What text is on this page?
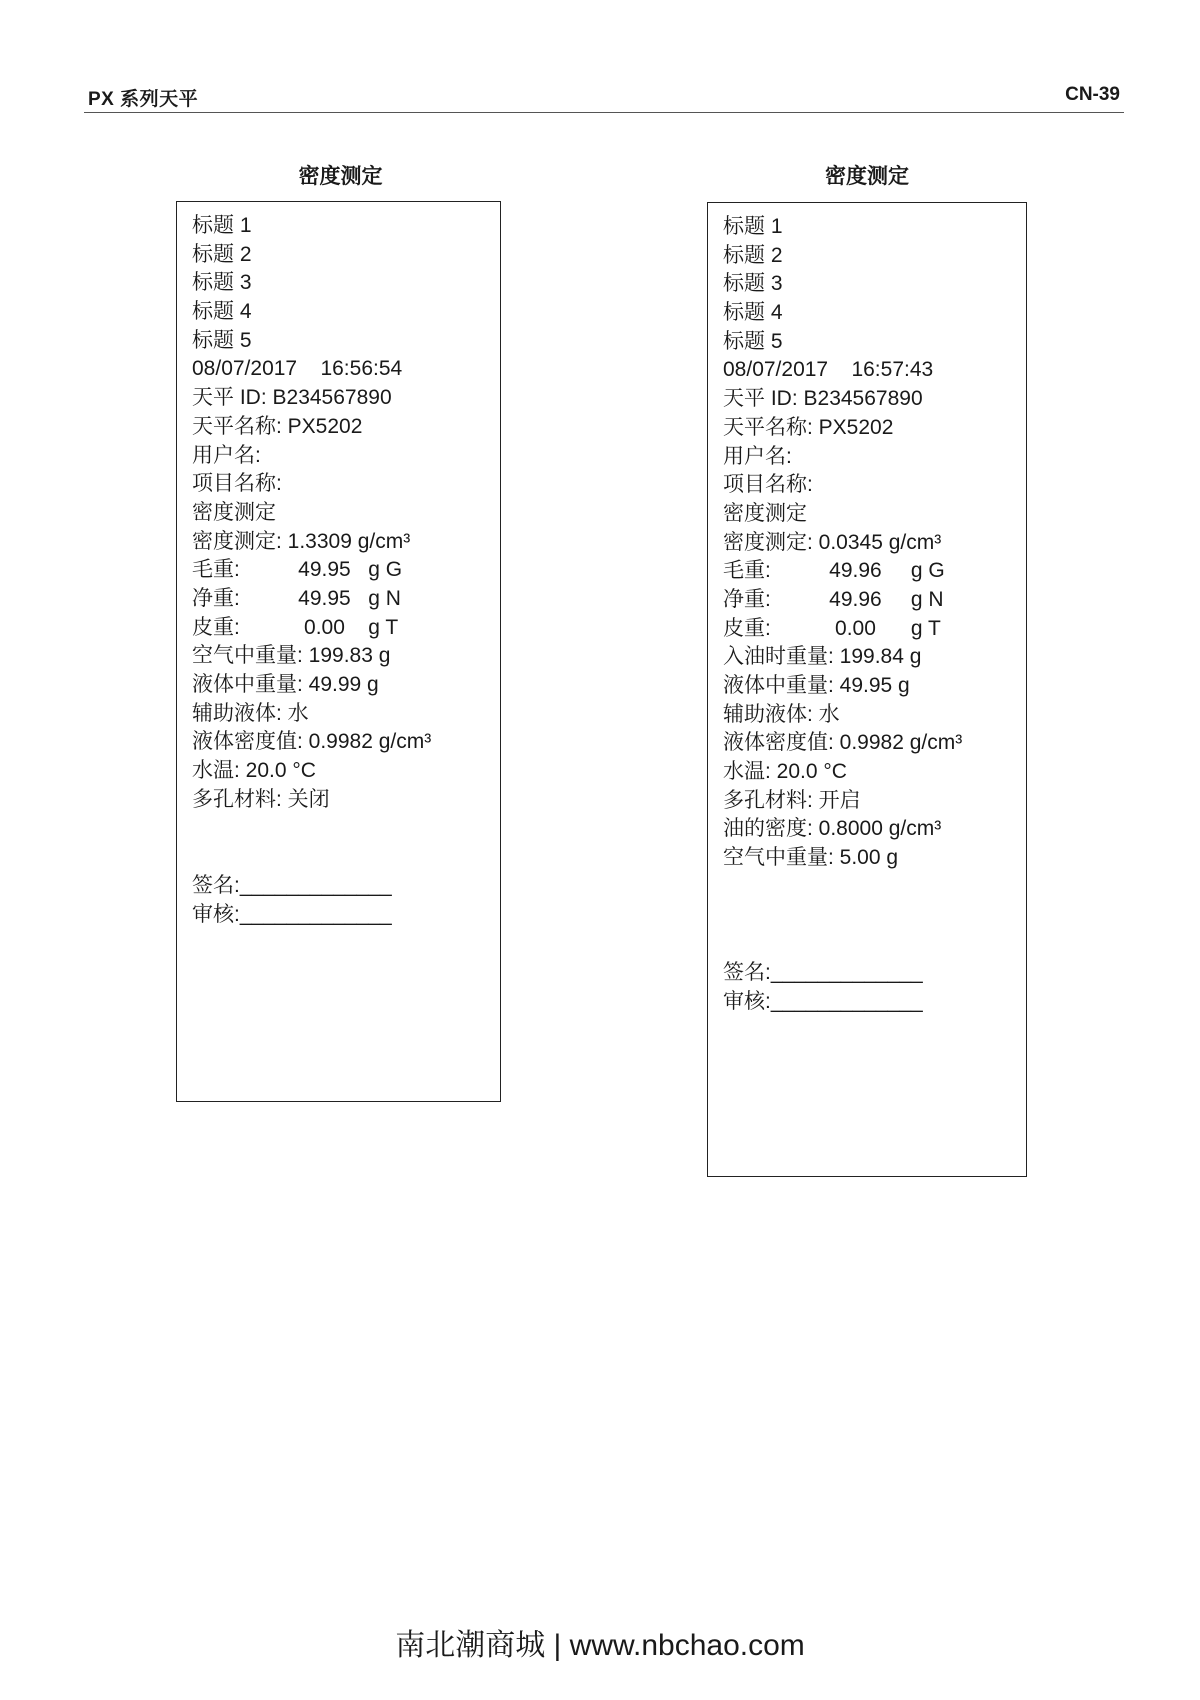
PX 系列天平	CN-39
密度测定
标题 1
标题 2
标题 3
标题 4
标题 5
08/07/2017    16:56:54
天平 ID: B234567890
天平名称: PX5202
用户名:
项目名称:
密度测定
密度测定: 1.3309 g/cm³
毛重:          49.95   g G
净重:          49.95   g N
皮重:           0.00    g T
空气中重量: 199.83 g
液体中重量: 49.99 g
辅助液体: 水
液体密度值: 0.9982 g/cm³
水温: 20.0 °C
多孔材料: 关闭
签名:_____________
审核:_____________
密度测定
标题 1
标题 2
标题 3
标题 4
标题 5
08/07/2017    16:57:43
天平 ID: B234567890
天平名称: PX5202
用户名:
项目名称:
密度测定
密度测定: 0.0345 g/cm³
毛重:          49.96     g G
净重:          49.96     g N
皮重:           0.00      g T
入油时重量: 199.84 g
液体中重量: 49.95 g
辅助液体: 水
液体密度值: 0.9982 g/cm³
水温: 20.0 °C
多孔材料: 开启
油的密度: 0.8000 g/cm³
空气中重量: 5.00 g
签名:_____________
审核:_____________
南北潮商城 | www.nbchao.com
